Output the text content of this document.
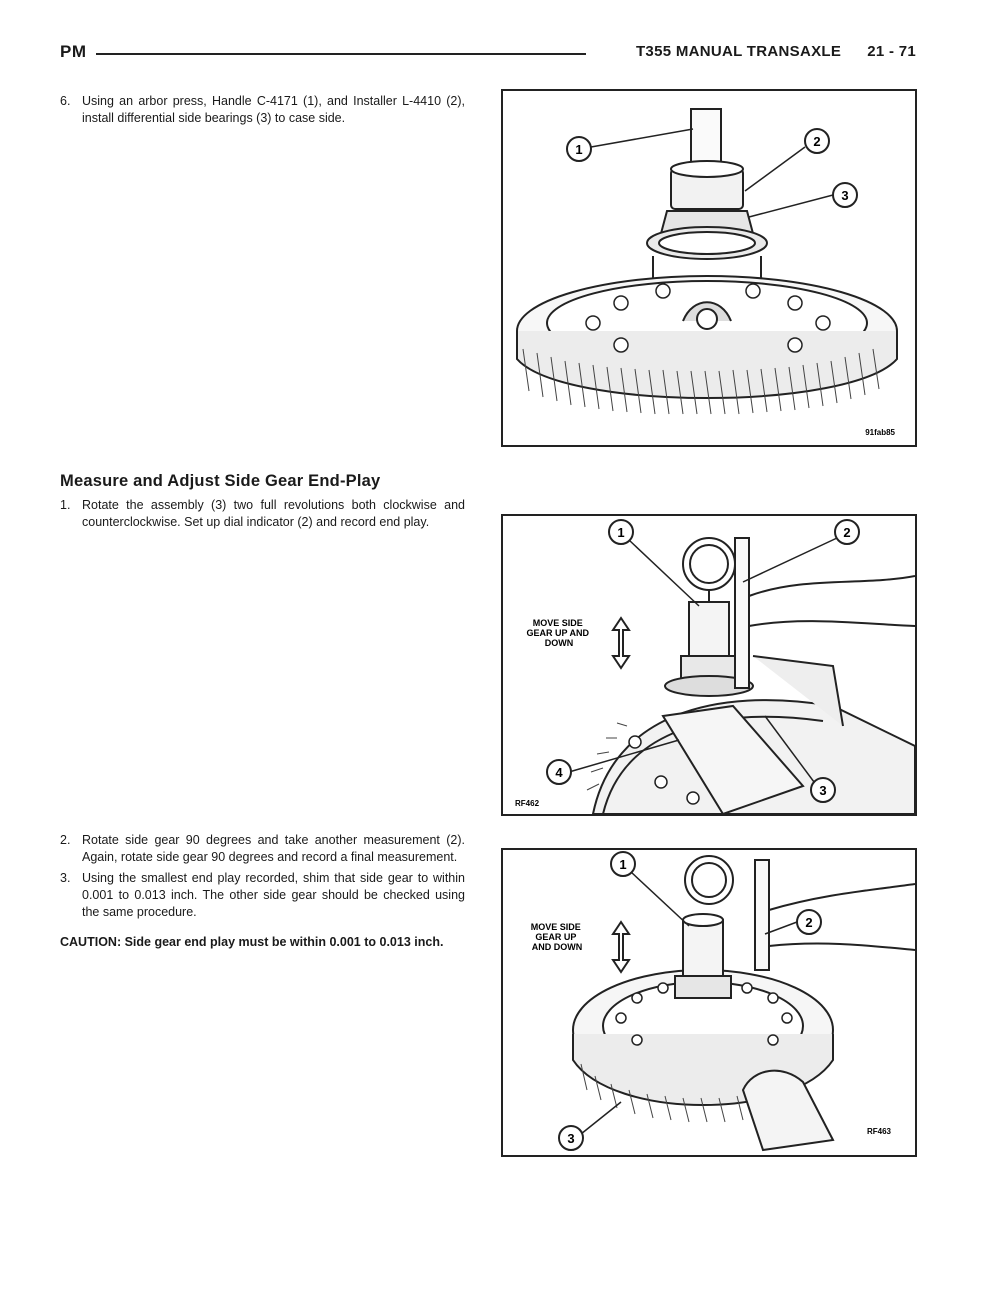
PM	T355 MANUAL TRANSAXLE 21 - 71
6. Using an arbor press, Handle C-4171 (1), and Installer L-4410 (2), install differential side bearings (3) to case side.
Measure and Adjust Side Gear End-Play
1. Rotate the assembly (3) two full revolutions both clockwise and counterclockwise. Set up dial indicator (2) and record end play.
2. Rotate side gear 90 degrees and take another measurement (2). Again, rotate side gear 90 degrees and record a final measurement.
3. Using the smallest end play recorded, shim that side gear to within 0.001 to 0.013 inch. The other side gear should be checked using the same procedure.
CAUTION: Side gear end play must be within 0.001 to 0.013 inch.
1
2
3
91fab85
MOVE SIDE GEAR UP AND DOWN
1	2
3
4
RF462
MOVE SIDE GEAR UP AND DOWN
1
2
3	RF463
